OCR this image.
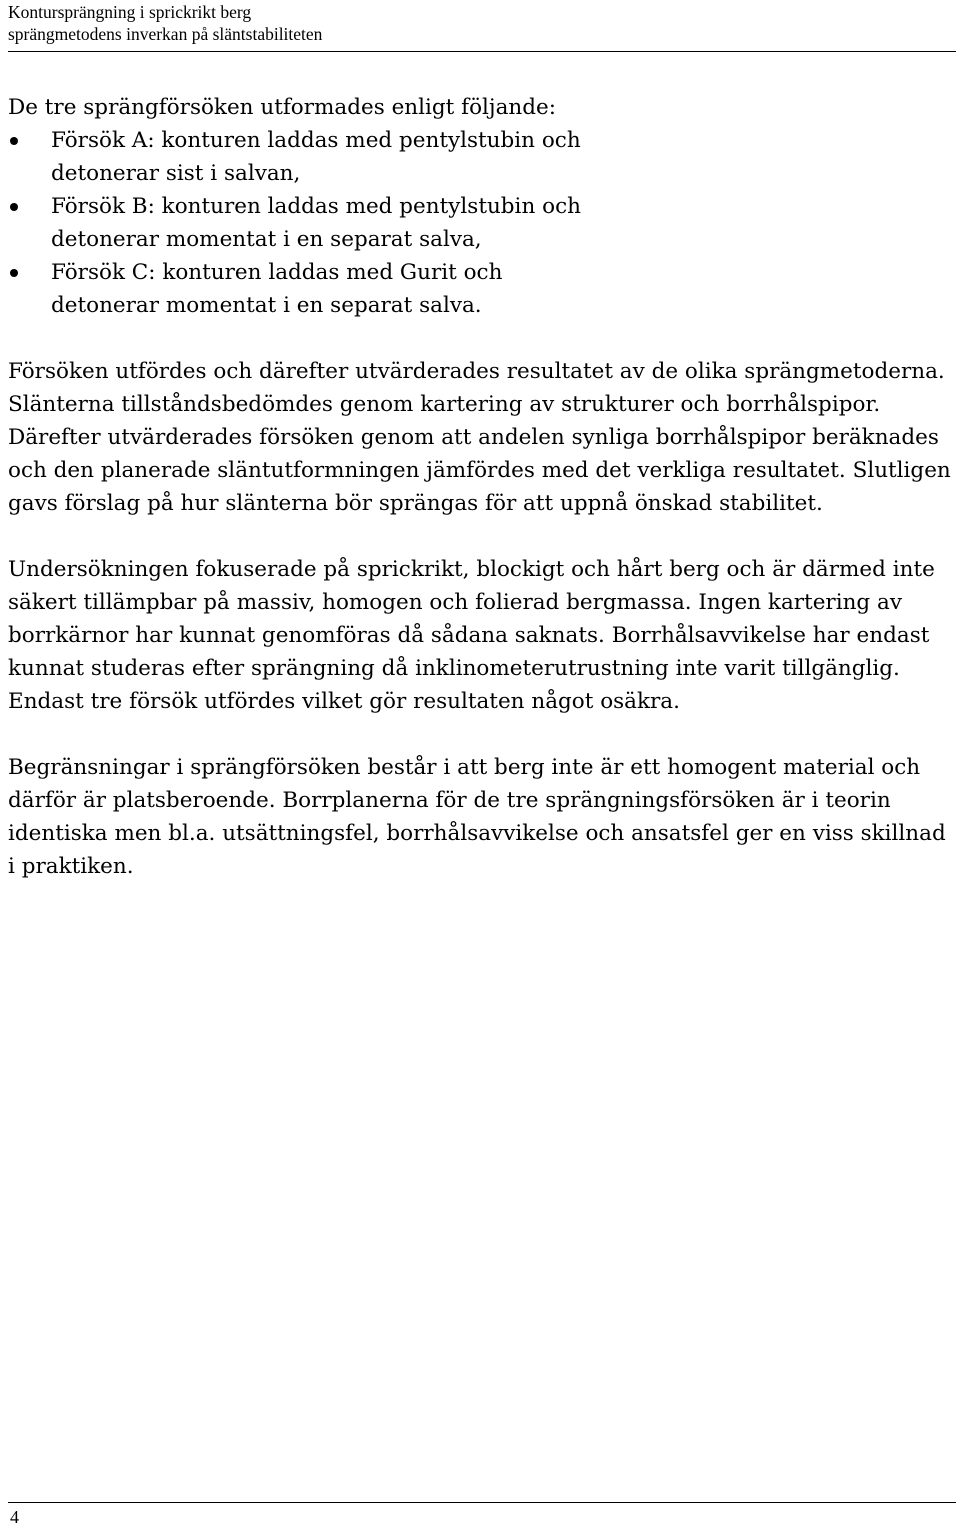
Kontursprängning i sprickrikt berg
sprängmetodens inverkan på släntstabiliteten

De tre sprängförsöken utformades enligt följande:

Försök A: konturen laddas med pentylstubin och detonerar sist i salvan,
Försök B: konturen laddas med pentylstubin och detonerar momentat i en separat salva,
Försök C: konturen laddas med Gurit och detonerar momentat i en separat salva.

Försöken utfördes och därefter utvärderades resultatet av de olika sprängmetoderna. Slänterna tillståndsbedömdes genom kartering av strukturer och borrhålspipor. Därefter utvärderades försöken genom att andelen synliga borrhålspipor beräknades och den planerade släntutformningen jämfördes med det verkliga resultatet. Slutligen gavs förslag på hur slänterna bör sprängas för att uppnå önskad stabilitet.

Undersökningen fokuserade på sprickrikt, blockigt och hårt berg och är därmed inte säkert tillämpbar på massiv, homogen och folierad bergmassa. Ingen kartering av borrkärnor har kunnat genomföras då sådana saknats. Borrhålsavvikelse har endast kunnat studeras efter sprängning då inklinometerutrustning inte varit tillgänglig. Endast tre försök utfördes vilket gör resultaten något osäkra.

Begränsningar i sprängförsöken består i att berg inte är ett homogent material och därför är platsberoende. Borrplanerna för de tre sprängningsförsöken är i teorin identiska men bl.a. utsättningsfel, borrhålsavvikelse och ansatsfel ger en viss skillnad i praktiken.

4
